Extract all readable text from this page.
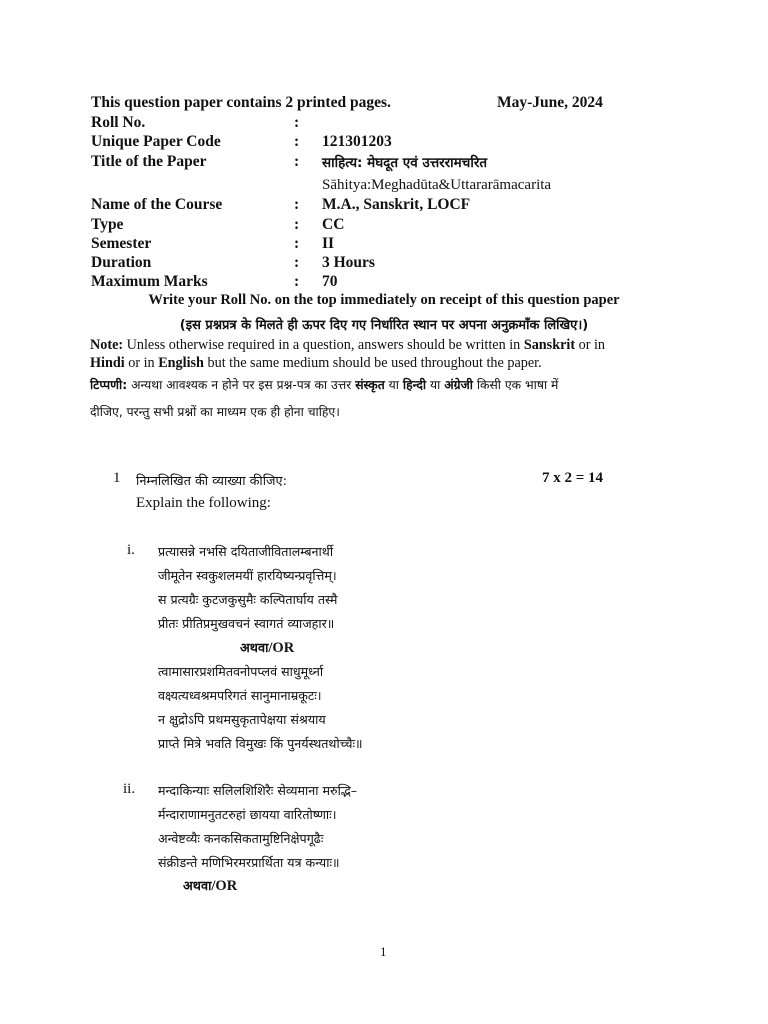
This question paper contains 2 printed pages.	May-June, 2024
Roll No.	:
Unique Paper Code	: 121301203
Title of the Paper	: साहित्य: मेघदूत एवं उत्तररामचरित
Sāhitya:Meghadūta&Uttararāmacarita
Name of the Course	: M.A., Sanskrit, LOCF
Type	: CC
Semester	: II
Duration	: 3 Hours
Maximum Marks	: 70
Write your Roll No. on the top immediately on receipt of this question paper
(इस प्रश्नप्रत्र के मिलते ही ऊपर दिए गए निर्धारित स्थान पर अपना अनुक्रमाँक लिखिए।)
Note: Unless otherwise required in a question, answers should be written in Sanskrit or in
Hindi or in English but the same medium should be used throughout the paper.
टिप्पणी: अन्यथा आवश्यक न होने पर इस प्रश्न-पत्र का उत्तर संस्कृत या हिन्दी या अंग्रेजी किसी एक भाषा में
दीजिए, परन्तु सभी प्रश्नों का माध्यम एक ही होना चाहिए।
1 निम्नलिखित की व्याख्या कीजिए:	7 x 2 = 14
Explain the following:
i. प्रत्यासन्ने नभसि दयिताजीवितालम्बनार्थी
जीमूतेन स्वकुशलमयीं हारयिष्यन्प्रवृत्तिम्।
स प्रत्यग्रैः कुटजकुसुमैः कल्पितार्घाय तस्मै
प्रीतः प्रीतिप्रमुखवचनं स्वागतं व्याजहार॥
अथवा/OR
त्वामासारप्रशमितवनोपप्लवं साधुमूर्ध्ना
वक्ष्यत्यध्वश्रमपरिगतं सानुमानाम्रकूटः।
न क्षुद्रोऽपि प्रथमसुकृतापेक्षया संश्रयाय
प्राप्ते मित्रे भवति विमुखः किं पुनर्यस्थतथोच्चैः॥
ii. मन्दाकिन्याः सलिलशिशिरैः सेव्यमाना मरुद्भि–
र्मन्दाराणामनुतटरुहां छायया वारितोष्णाः।
अन्वेष्टव्यैः कनकसिकतामुष्टिनिक्षेपगूढैः
संक्रीडन्ते मणिभिरमरप्रार्थिता यत्र कन्याः॥
अथवा/OR
1
